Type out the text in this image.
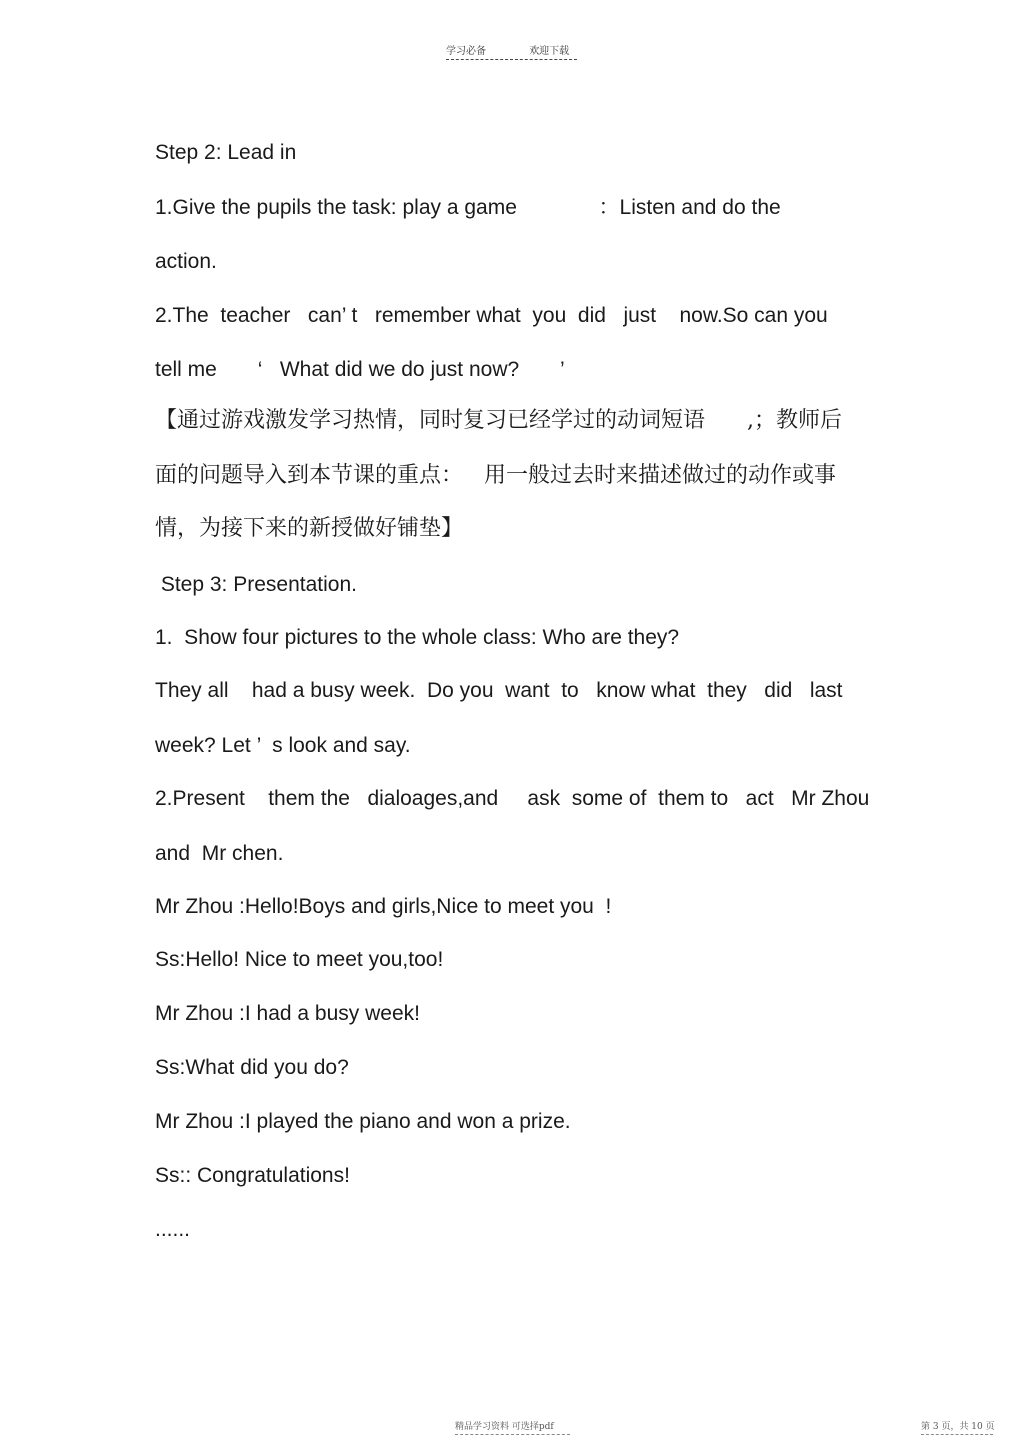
学习必备	欢迎下载
Step 2: Lead in
1.Give the pupils the task: play a game              ：Listen and do the
action.
2.The  teacher   can’ t   remember what  you  did   just    now.So can you
tell me       ‘   What did we do just now?       ’
【通过游戏激发学习热情，同时复习已经学过的动词短语      ,；教师后
面的问题导入到本节课的重点：   用一般过去时来描述做过的动作或事
情，为接下来的新授做好铺垫】
Step 3: Presentation.
1.  Show four pictures to the whole class: Who are they?
They all    had a busy week.  Do you  want  to   know what  they   did   last
week? Let ’  s look and say.
2.Present    them the   dialoages,and     ask  some of  them to   act   Mr Zhou
and  Mr chen.
Mr Zhou :Hello!Boys and girls,Nice to meet you  !
Ss:Hello! Nice to meet you,too!
Mr Zhou :I had a busy week!
Ss:What did you do?
Mr Zhou :I played the piano and won a prize.
Ss:: Congratulations!
......
精品学习资料 可选择pdf	第 3 页，共 10 页
